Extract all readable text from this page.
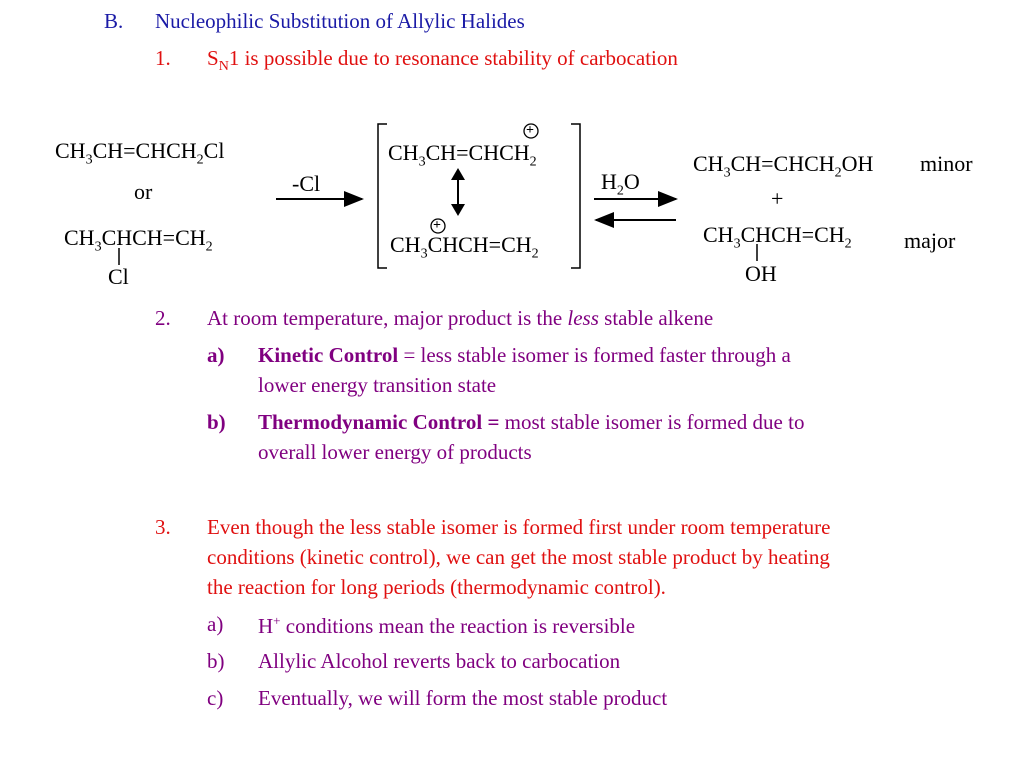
B. Nucleophilic Substitution of Allylic Halides
1. $S_N1$ is possible due to resonance stability of carbocation
$CH_3CH=CHCH_2Cl$
or
$CH_3CHCH=CH_2$
Cl
-Cl
$CH_3CH=CHCH_2$
+
$CH_3CHCH=CH_2$
+
$H_2O$
$CH_3CH=CHCH_2OH$ minor
+
$CH_3CHCH=CH_2$ major
OH
2. At room temperature, major product is the less stable alkene
a) Kinetic Control = less stable isomer is formed faster through a
lower energy transition state
b) Thermodynamic Control = most stable isomer is formed due to
overall lower energy of products
3. Even though the less stable isomer is formed first under room temperature
conditions (kinetic control), we can get the most stable product by heating
the reaction for long periods (thermodynamic control).
a) H+ conditions mean the reaction is reversible
b) Allylic Alcohol reverts back to carbocation
c) Eventually, we will form the most stable product
